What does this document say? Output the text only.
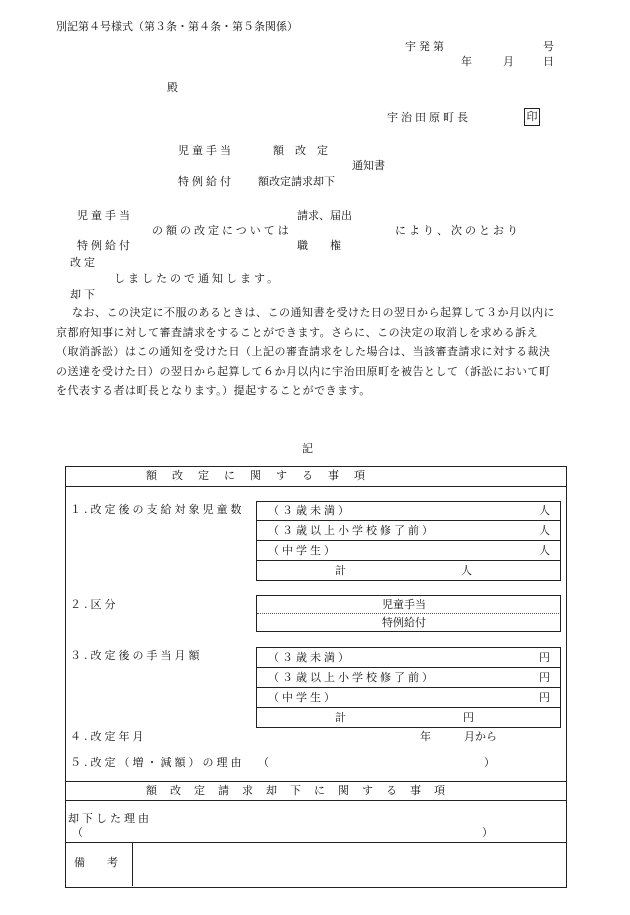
別記第４号様式（第３条・第４条・第５条関係）
宇発第	号
年	月	日
殿
宇治田原町長	印
児童手当	額　改　定
通知書
特例給付 額改定請求却下
児童手当	請求、届出
の額の改定については	により、次のとおり
特例給付	職　　権
改定
しましたので通知します。
却下
なお、この決定に不服のあるときは、この通知書を受けた日の翌日から起算して３か月以内に京都府知事に対して審査請求をすることができます。さらに、この決定の取消しを求める訴え（取消訴訟）はこの通知を受けた日（上記の審査請求をした場合は、当該審査請求に対する裁決の送達を受けた日）の翌日から起算して６か月以内に宇治田原町を被告として（訴訟において町を代表する者は町長となります。）提起することができます。
記
額　改　定　に　関　す　る　事　項
１.改定後の支給対象児童数 （３歳未満）	人
（３歳以上小学校修了前）	人
（中学生）	人
計	人
２.区分	児童手当
特例給付
３.改定後の手当月額	（３歳未満）	円
（３歳以上小学校修了前）	円
（中学生）	円
計	円
４.改定年月	年	月から
５.改定（増・減額）の理由 （	）
額　改　定　請　求　却　下　に　関　す　る　事　項
却下した理由
（	）
備　　考
